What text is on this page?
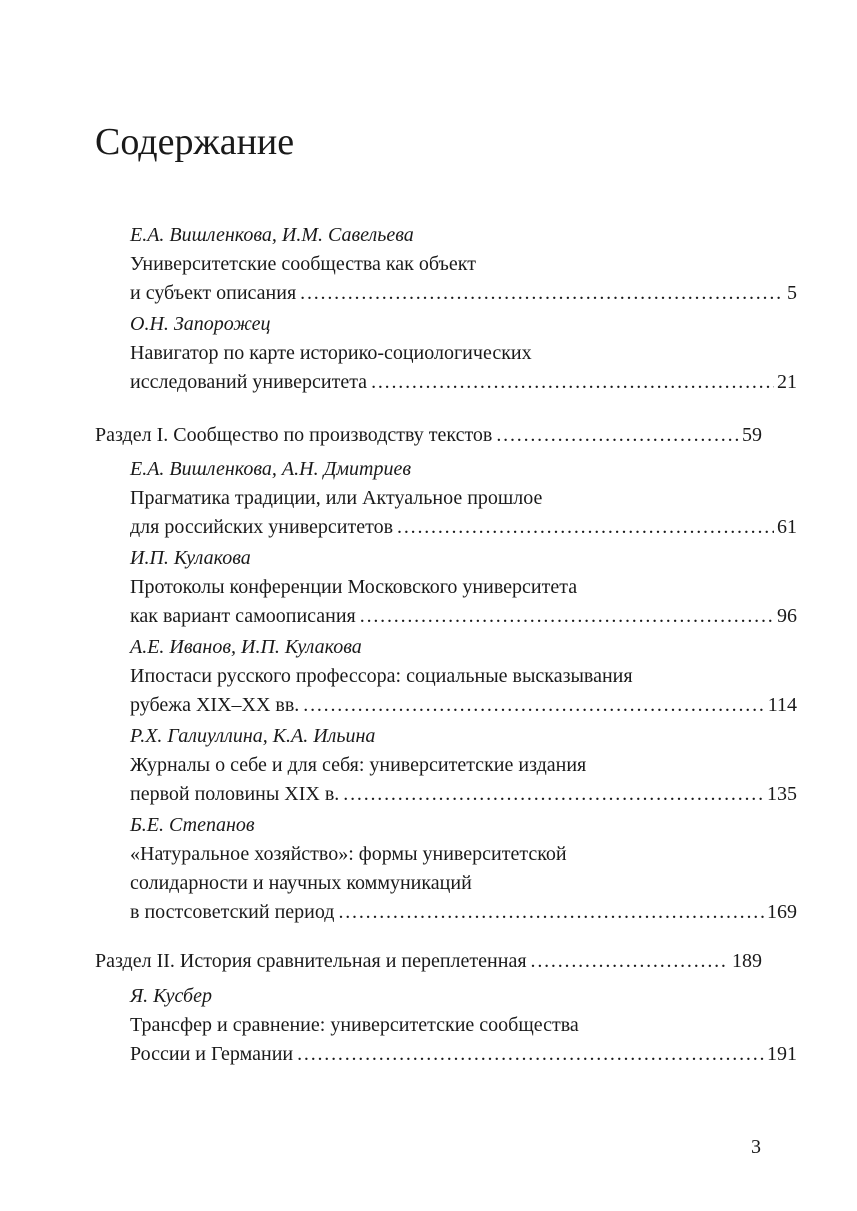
Содержание
Е.А. Вишленкова, И.М. Савельева
Университетские сообщества как объект
и субъект описания . . .	5
О.Н. Запорожец
Навигатор по карте историко-социологических
исследований университета . . .	21
Раздел I. Сообщество по производству текстов . . .	59
Е.А. Вишленкова, А.Н. Дмитриев
Прагматика традиции, или Актуальное прошлое
для российских университетов . . .	61
И.П. Кулакова
Протоколы конференции Московского университета
как вариант самоописания . . .	96
А.Е. Иванов, И.П. Кулакова
Ипостаси русского профессора: социальные высказывания
рубежа XIX–XX вв. . . .	114
Р.Х. Галиуллина, К.А. Ильина
Журналы о себе и для себя: университетские издания
первой половины XIX в. . . .	135
Б.Е. Степанов
«Натуральное хозяйство»: формы университетской
солидарности и научных коммуникаций
в постсоветский период . . .	169
Раздел II. История сравнительная и переплетенная . . .	189
Я. Кусбер
Трансфер и сравнение: университетские сообщества
России и Германии . . .	191
3
